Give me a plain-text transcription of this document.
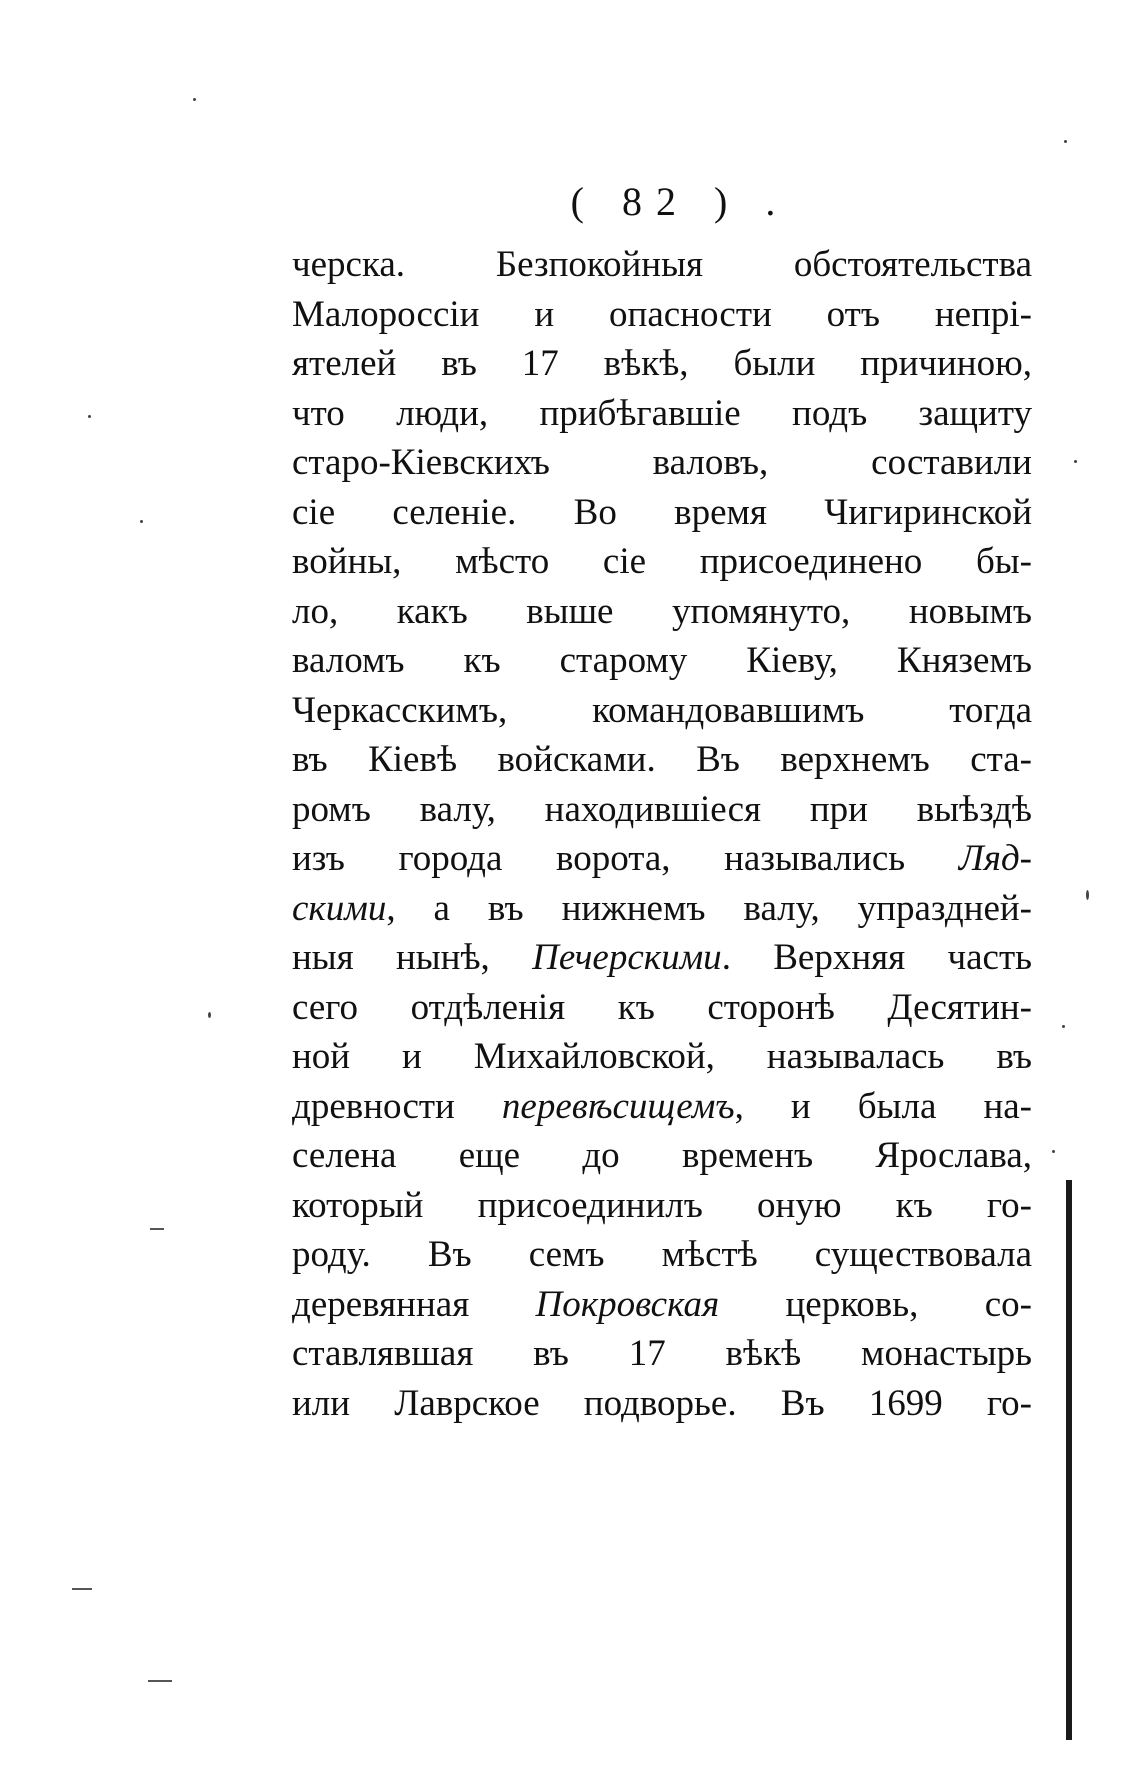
( 82 ) .
черска. Безпокойныя обстоятельства
Малороссіи и опасности отъ непрі-
ятелей въ 17 вѣкѣ, были причиною,
что люди, прибѣгавшіе подъ защиту
старо-Кіевскихъ валовъ, составили
сіе селеніе. Во время Чигиринской
войны, мѣсто сіе присоединено бы-
ло, какъ выше упомянуто, новымъ
валомъ къ старому Кіеву, Княземъ
Черкасскимъ, командовавшимъ тогда
въ Кіевѣ войсками. Въ верхнемъ ста-
ромъ валу, находившіеся при выѣздѣ
изъ города ворота, назывались Ляд-
скими, а въ нижнемъ валу, упраздней-
ныя нынѣ, Печерскими. Верхняя часть
сего отдѣленія къ сторонѣ Десятин-
ной и Михайловской, называлась въ
древности перевѣсищемъ, и была на-
селена еще до временъ Ярослава,
который присоединилъ оную къ го-
роду. Въ семъ мѣстѣ существовала
деревянная Покровская церковь, со-
ставлявшая въ 17 вѣкѣ монастырь
или Лаврское подворье. Въ 1699 го-
